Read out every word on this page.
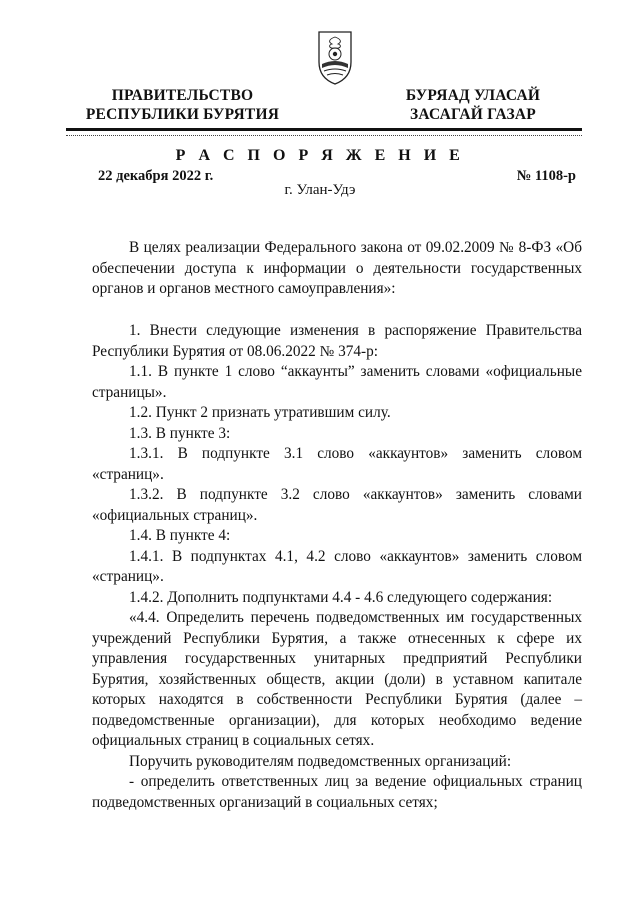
ПРАВИТЕЛЬСТВО
РЕСПУБЛИКИ БУРЯТИЯ
БУРЯАД УЛАСАЙ
ЗАСАГАЙ ГАЗАР
Р А С П О Р Я Ж Е Н И Е
22 декабря 2022 г.	№ 1108-р
г. Улан-Удэ

В целях реализации Федерального закона от 09.02.2009 № 8-ФЗ «Об обеспечении доступа к информации о деятельности государственных органов и органов местного самоуправления»:

1. Внести следующие изменения в распоряжение Правительства Республики Бурятия от 08.06.2022 № 374-р:

1.1. В пункте 1 слово “аккаунты” заменить словами «официальные страницы».

1.2. Пункт 2 признать утратившим силу.

1.3. В пункте 3:

1.3.1. В подпункте 3.1 слово «аккаунтов» заменить словом «страниц».

1.3.2. В подпункте 3.2 слово «аккаунтов» заменить словами «официальных страниц».

1.4. В пункте 4:

1.4.1. В подпунктах 4.1, 4.2 слово «аккаунтов» заменить словом «страниц».

1.4.2. Дополнить подпунктами 4.4 - 4.6 следующего содержания:

«4.4. Определить перечень подведомственных им государственных учреждений Республики Бурятия, а также отнесенных к сфере их управления государственных унитарных предприятий Республики Бурятия, хозяйственных обществ, акции (доли) в уставном капитале которых находятся в собственности Республики Бурятия (далее – подведомственные организации), для которых необходимо ведение официальных страниц в социальных сетях.

Поручить руководителям подведомственных организаций:

- определить ответственных лиц за ведение официальных страниц подведомственных организаций в социальных сетях;
